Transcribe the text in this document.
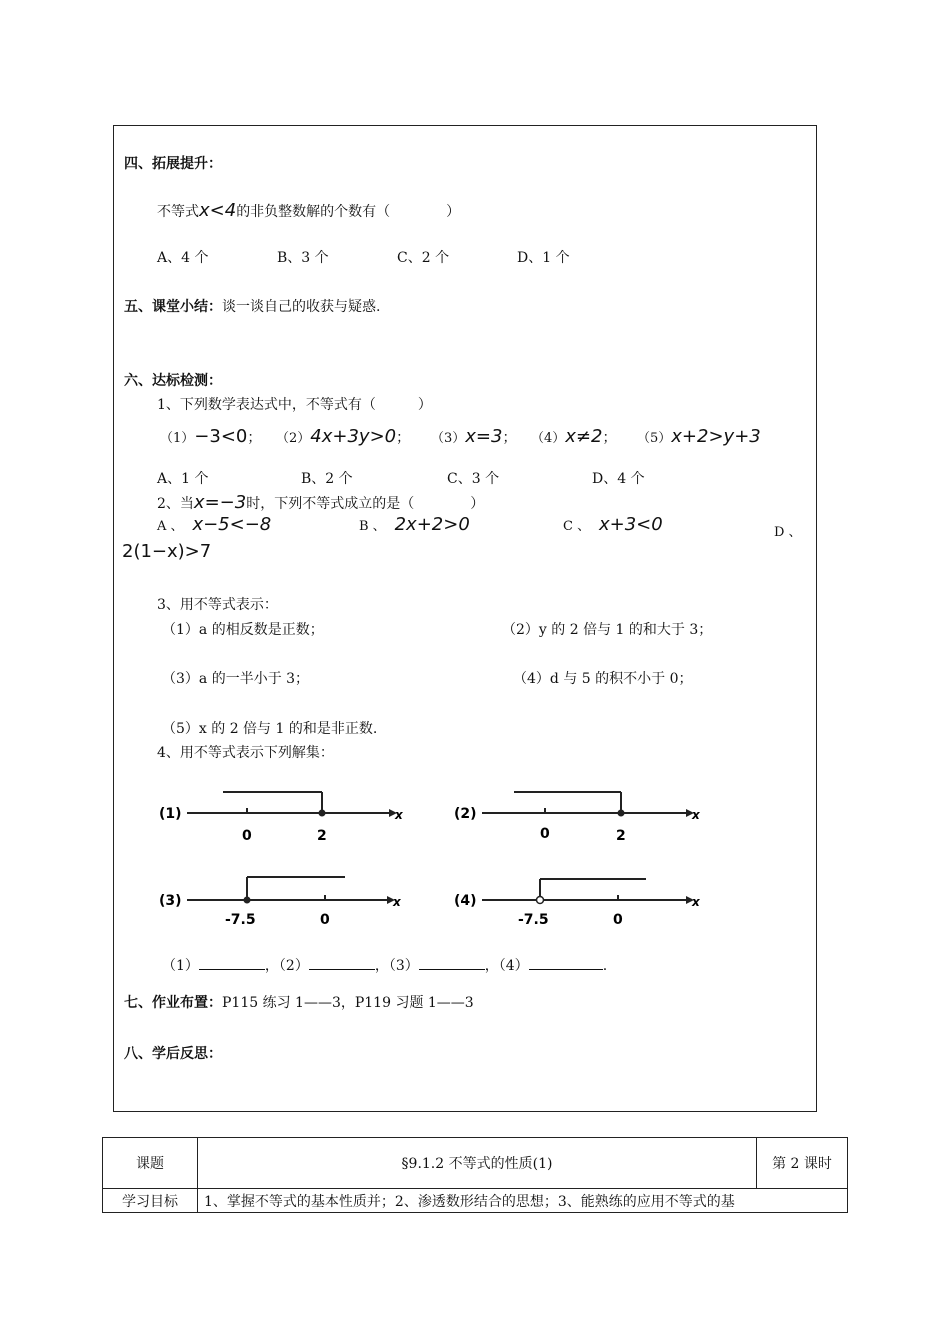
四、拓展提升：
不等式x<4的非负整数解的个数有（　　　　）
A、4 个	B、3 个	C、2 个	D、1 个
五、课堂小结：谈一谈自己的收获与疑惑.
六、达标检测：
1、下列数学表达式中，不等式有（　　　）
（1）−3<0； （2）4x+3y>0； （3）x=3； （4）x≠2； （5）x+2>y+3
A、1 个	B、2 个	C、3 个	D、4 个
2、当x=−3时，下列不等式成立的是（　　　　）
A 、 x−5<−8	B 、 2x+2>0	C 、 x+3<0	D 、
2(1−x)>7
3、用不等式表示：
（1）a 的相反数是正数；	（2）y 的 2 倍与 1 的和大于 3；
（3）a 的一半小于 3；	（4）d 与 5 的积不小于 0；
（5）x 的 2 倍与 1 的和是非正数.
4、用不等式表示下列解集：
(1)	x
0	2
(2)	x
0	2
(3)	x
-7.5	0
(4)	x
-7.5	0
（1）	，（2）	，（3）	，（4）	.
七、作业布置：P115 练习 1——3，P119 习题 1——3
八、学后反思：
课题	§9.1.2 不等式的性质(1)	第 2 课时
学习目标	1、掌握不等式的基本性质并；2、渗透数形结合的思想；3、能熟练的应用不等式的基	
